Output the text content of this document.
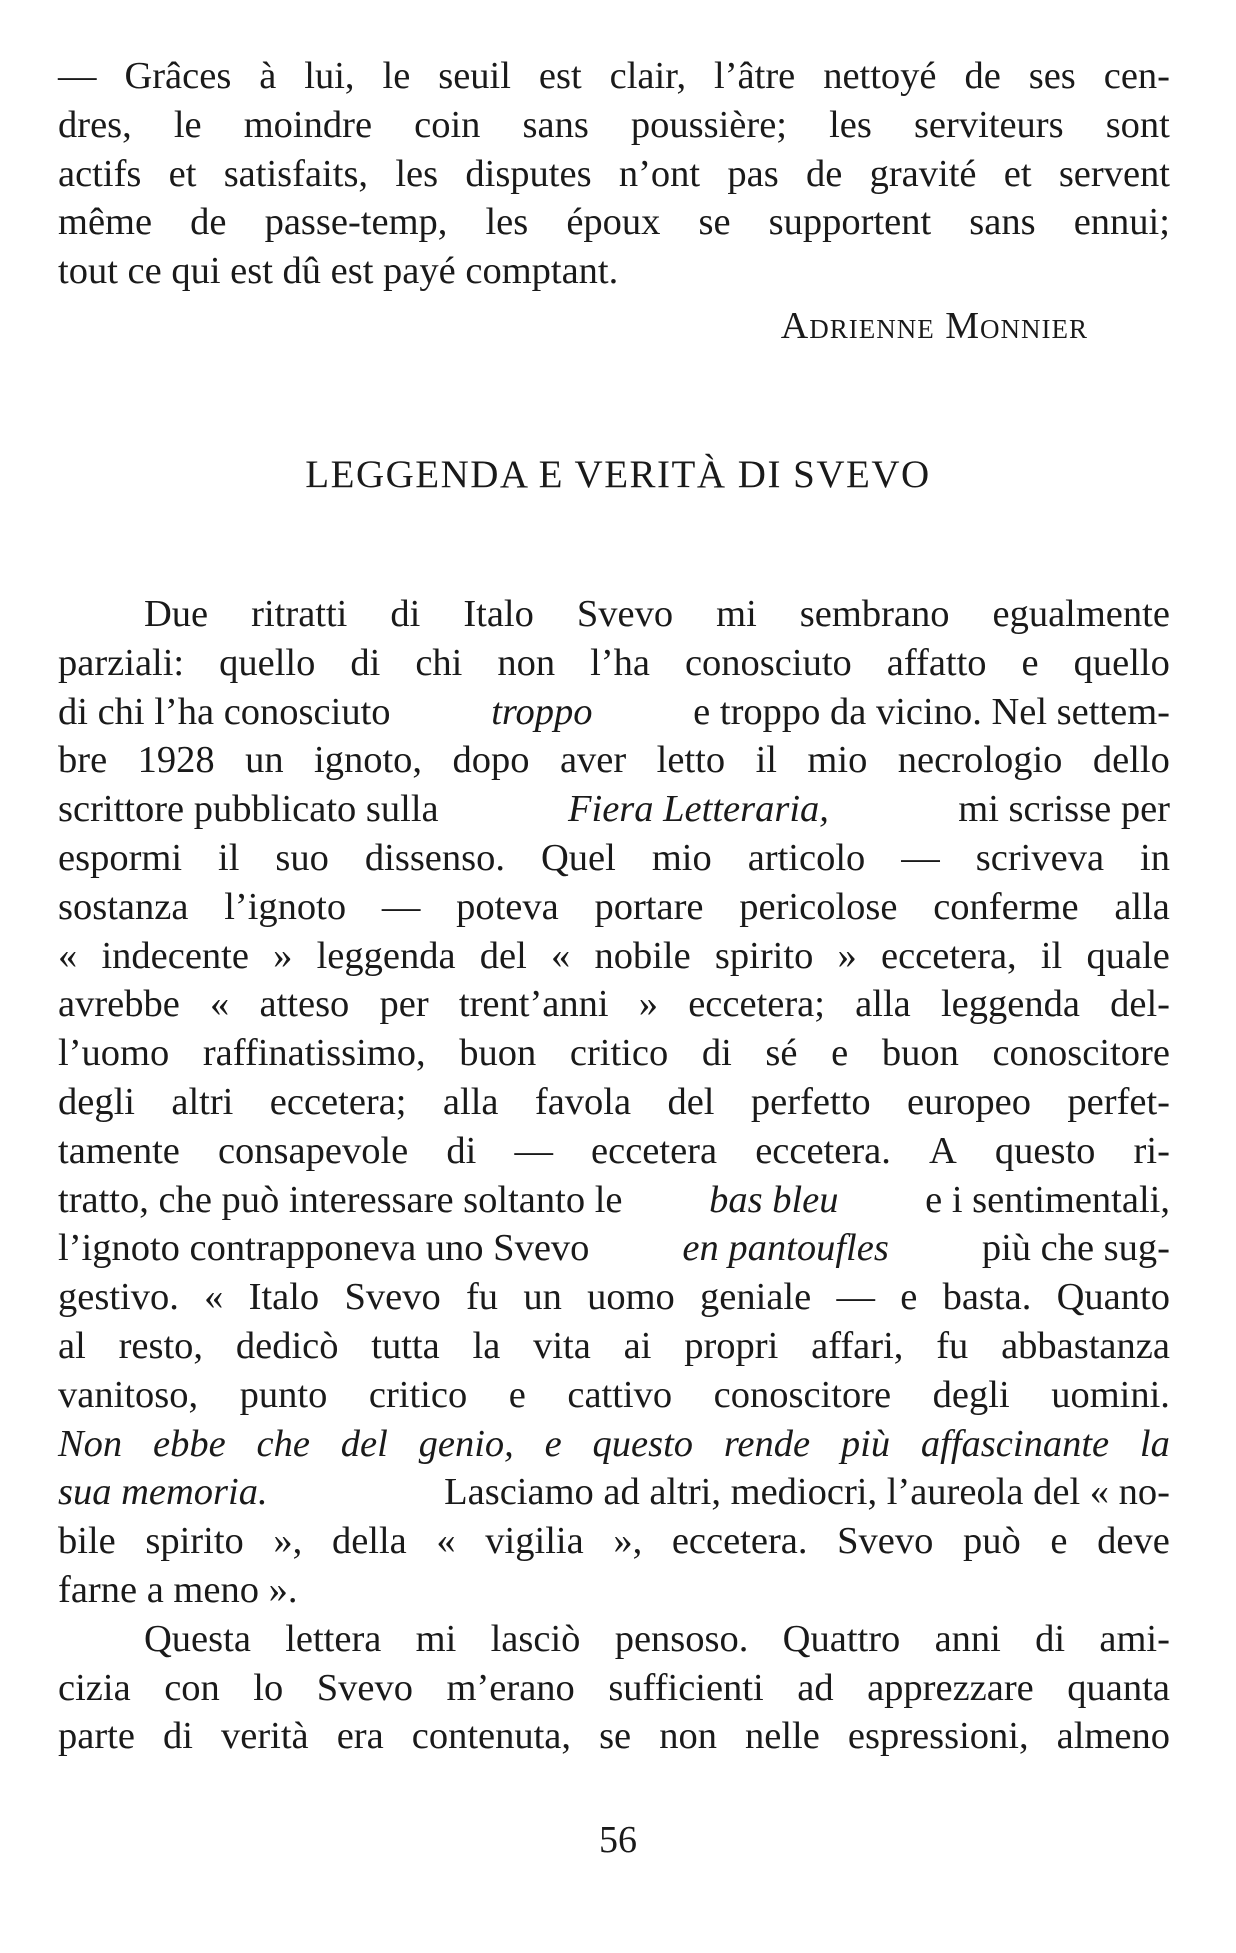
— Grâces à lui, le seuil est clair, l’âtre nettoyé de ses cen-
dres, le moindre coin sans poussière; les serviteurs sont
actifs et satisfaits, les disputes n’ont pas de gravité et servent
même de passe-temp, les époux se supportent sans ennui;
tout ce qui est dû est payé comptant.
Adrienne Monnier
LEGGENDA E VERITÀ DI SVEVO
Due ritratti di Italo Svevo mi sembrano egualmente
parziali: quello di chi non l’ha conosciuto affatto e quello
di chi l’ha conosciuto	troppo	e troppo da vicino. Nel settem-
bre 1928 un ignoto, dopo aver letto il mio necrologio dello
scrittore pubblicato sulla	Fiera Letteraria,	mi scrisse per
espormi il suo dissenso. Quel mio articolo — scriveva in
sostanza l’ignoto — poteva portare pericolose conferme alla
« indecente » leggenda del « nobile spirito » eccetera, il quale
avrebbe « atteso per trent’anni » eccetera; alla leggenda del-
l’uomo raffinatissimo, buon critico di sé e buon conoscitore
degli altri eccetera; alla favola del perfetto europeo perfet-
tamente consapevole di — eccetera eccetera. A questo ri-
tratto, che può interessare soltanto le bas bleu e i sentimentali,
l’ignoto contrapponeva uno Svevo en pantoufles più che sug-
gestivo. « Italo Svevo fu un uomo geniale — e basta. Quanto
al resto, dedicò tutta la vita ai propri affari, fu abbastanza
vanitoso, punto critico e cattivo conoscitore degli uomini.
Non ebbe che del genio, e questo rende più affascinante la
sua memoria.	Lasciamo ad altri, mediocri, l’aureola del « no-
bile spirito », della « vigilia », eccetera. Svevo può e deve
farne a meno ».
Questa lettera mi lasciò pensoso. Quattro anni di ami-
cizia con lo Svevo m’erano sufficienti ad apprezzare quanta
parte di verità era contenuta, se non nelle espressioni, almeno
56
